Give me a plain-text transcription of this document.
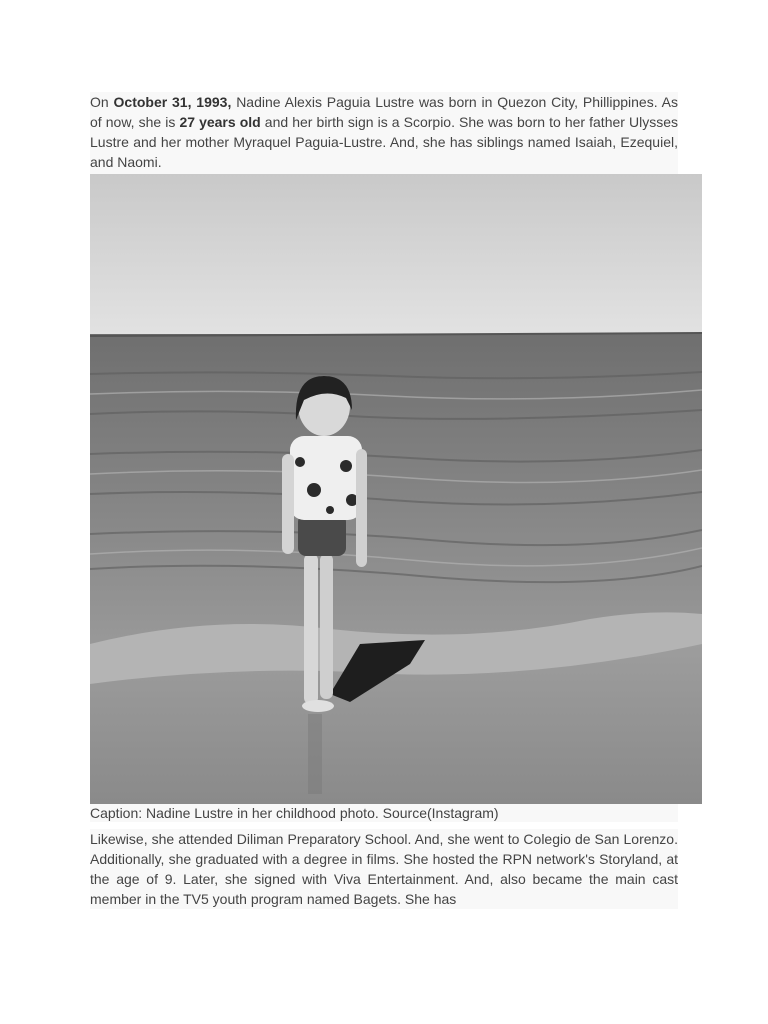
On October 31, 1993, Nadine Alexis Paguia Lustre was born in Quezon City, Phillippines. As of now, she is 27 years old and her birth sign is a Scorpio. She was born to her father Ulysses Lustre and her mother Myraquel Paguia-Lustre. And, she has siblings named Isaiah, Ezequiel, and Naomi.

Caption: Nadine Lustre in her childhood photo. Source(Instagram)

Likewise, she attended Diliman Preparatory School. And, she went to Colegio de San Lorenzo. Additionally, she graduated with a degree in films. She hosted the RPN network's Storyland, at the age of 9. Later, she signed with Viva Entertainment. And, also became the main cast member in the TV5 youth program named Bagets. She has
